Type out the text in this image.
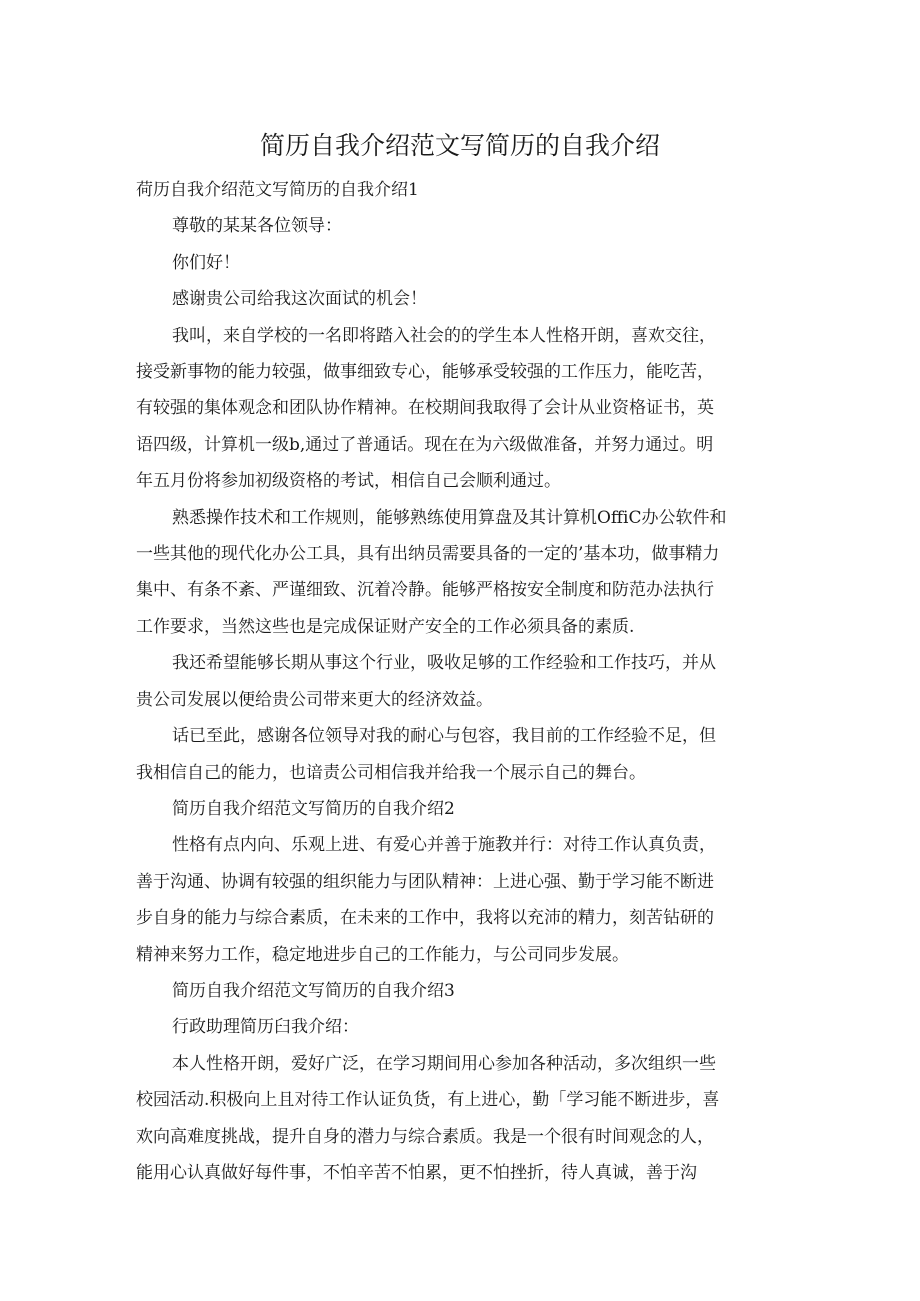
简历自我介绍范文写简历的自我介绍

荷历自我介绍范文写简历的自我介绍1

尊敬的某某各位领导：

你们好！

感谢贵公司给我这次面试的机会！

我叫，来自学校的一名即将踏入社会的的学生本人性格开朗，喜欢交往，

接受新事物的能力较强，做事细致专心，能够承受较强的工作压力，能吃苦，

有较强的集体观念和团队协作精神。在校期间我取得了会计从业资格证书，英

语四级，计算机一级b,通过了普通话。现在在为六级做准备，并努力通过。明

年五月份将参加初级资格的考试，相信自己会顺利通过。

熟悉操作技术和工作规则，能够熟练使用算盘及其计算机OffiC办公软件和

一些其他的现代化办公工具，具有出纳员需要具备的一定的’基本功，做事精力

集中、有条不紊、严谨细致、沉着冷静。能够严格按安全制度和防范办法执行

工作要求，当然这些也是完成保证财产安全的工作必须具备的素质.

我还希望能够长期从事这个行业，吸收足够的工作经验和工作技巧，并从

贵公司发展以便给贵公司带来更大的经济效益。

话已至此，感谢各位领导对我的耐心与包容，我目前的工作经验不足，但

我相信自己的能力，也谙责公司相信我并给我一个展示自己的舞台。

简历自我介绍范文写简历的自我介绍2

性格有点内向、乐观上进、有爱心并善于施教并行：对待工作认真负责，

善于沟通、协调有较强的组织能力与团队精神：上进心强、勤于学习能不断进

步自身的能力与综合素质，在未来的工作中，我将以充沛的精力，刻苦钻研的

精神来努力工作，稳定地进步自己的工作能力，与公司同步发展。

简历自我介绍范文写简历的自我介绍3

行政助理简历臼我介绍：

本人性格开朗，爱好广泛，在学习期间用心参加各种活动，多次组织一些

校园活动.积极向上且对待工作认证负货，有上进心，勤「学习能不断进步，喜

欢向高难度挑战，提升自身的潜力与综合素质。我是一个很有时间观念的人，

能用心认真做好每件事，不怕辛苦不怕累，更不怕挫折，待人真诚，善于沟
